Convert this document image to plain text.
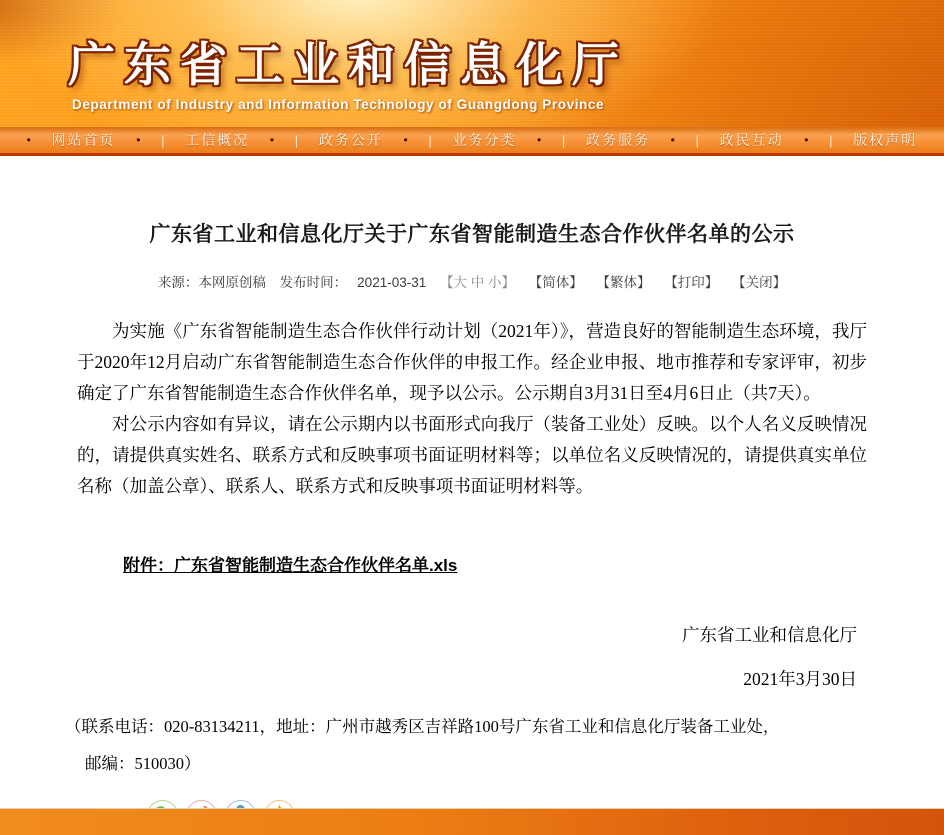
广东省工业和信息化厅
Department of Industry and Information Technology of Guangdong Province
• 网站首页 • | 工信概况 • | 政务公开 • | 业务分类 • | 政务服务 • | 政民互动 • | 版权声明
广东省工业和信息化厅关于广东省智能制造生态合作伙伴名单的公示
来源：本网原创稿 发布时间： 2021-03-31 【大 中 小】 【简体】 【繁体】 【打印】 【关闭】

为实施《广东省智能制造生态合作伙伴行动计划（2021年）》，营造良好的智能制造生态环境，我厅于2020年12月启动广东省智能制造生态合作伙伴的申报工作。经企业申报、地市推荐和专家评审，初步确定了广东省智能制造生态合作伙伴名单，现予以公示。公示期自3月31日至4月6日止（共7天）。

对公示内容如有异议，请在公示期内以书面形式向我厅（装备工业处）反映。以个人名义反映情况的，请提供真实姓名、联系方式和反映事项书面证明材料等；以单位名义反映情况的，请提供真实单位名称（加盖公章）、联系人、联系方式和反映事项书面证明材料等。

附件：广东省智能制造生态合作伙伴名单.xls
广东省工业和信息化厅
2021年3月30日
（联系电话：020-83134211，地址：广州市越秀区吉祥路100号广东省工业和信息化厅装备工业处，
邮编：510030）
